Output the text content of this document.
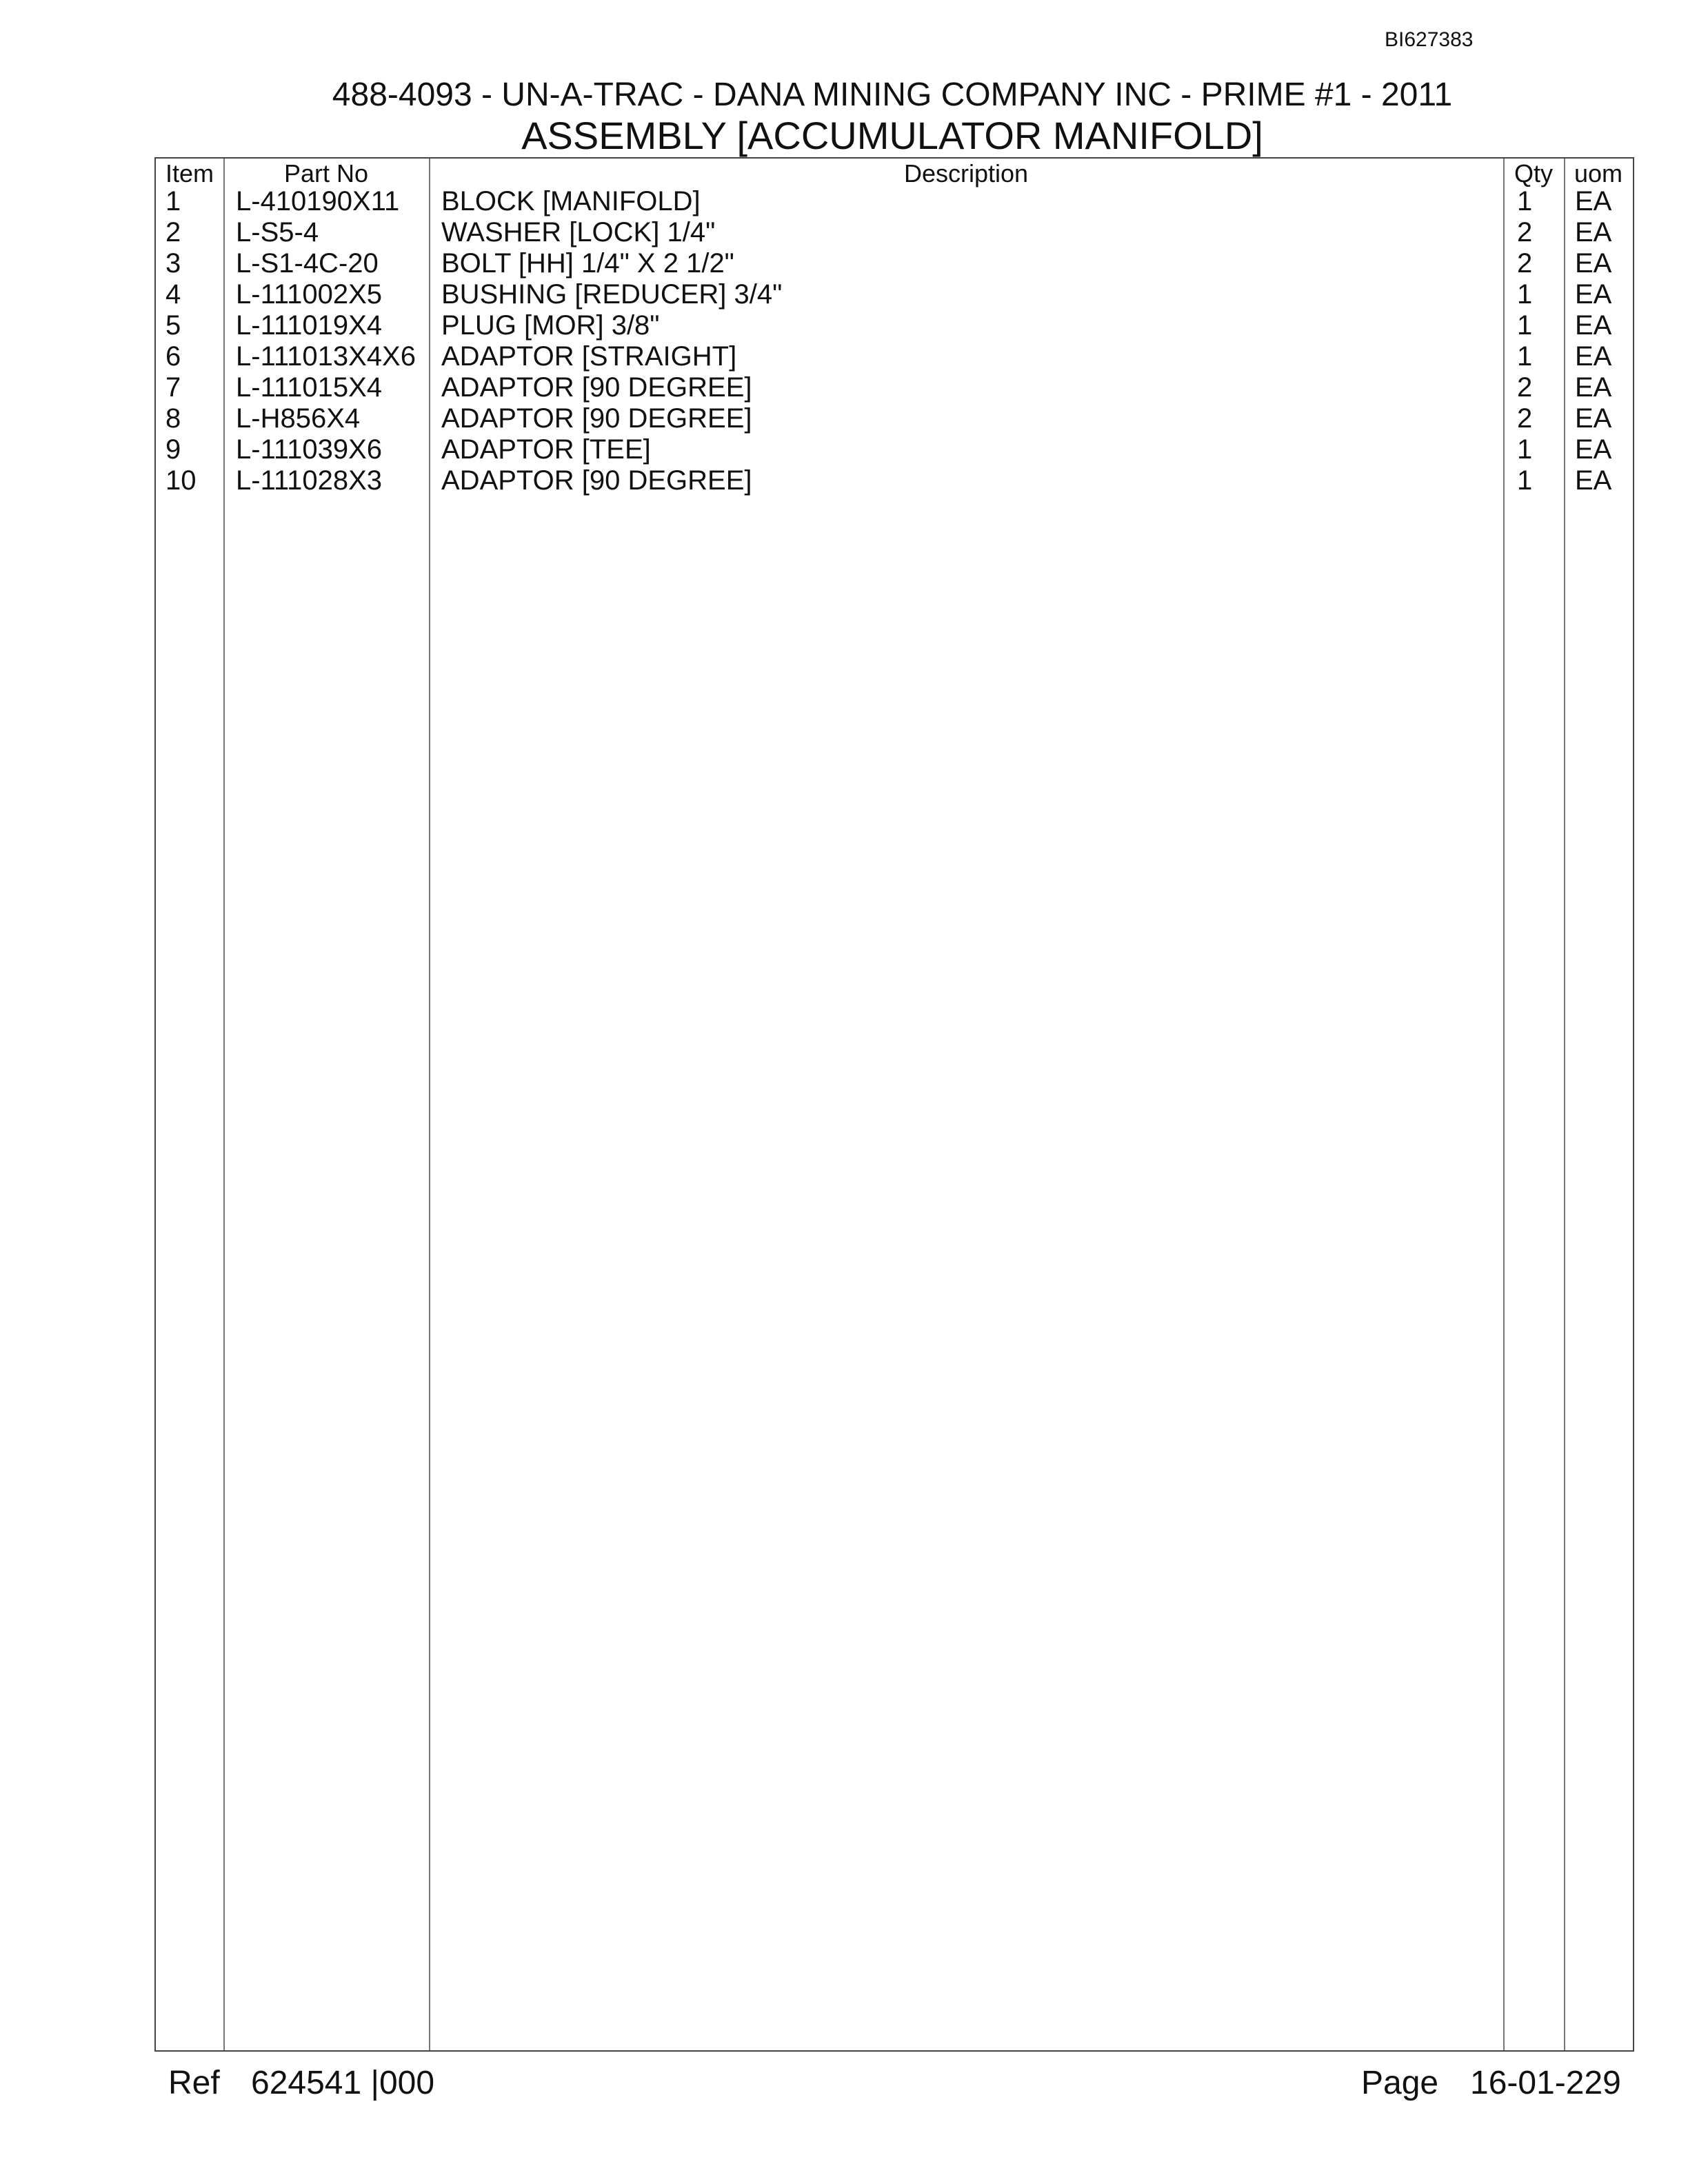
BI627383
488-4093 - UN-A-TRAC - DANA MINING COMPANY INC - PRIME #1 - 2011
ASSEMBLY [ACCUMULATOR MANIFOLD]
Item	Part No	Description	Qty uom
1 L-410190X11 BLOCK [MANIFOLD]	1 EA
2 L-S5-4	WASHER [LOCK] 1/4"	2 EA
3 L-S1-4C-20 BOLT [HH] 1/4" X 2 1/2"	2 EA
4 L-111002X5 BUSHING [REDUCER] 3/4"	1 EA
5 L-111019X4 PLUG [MOR] 3/8"	1 EA
6 L-111013X4X6 ADAPTOR [STRAIGHT]	1 EA
7 L-111015X4 ADAPTOR [90 DEGREE]	2 EA
8 L-H856X4	ADAPTOR [90 DEGREE]	2 EA
9 L-111039X6 ADAPTOR [TEE]	1 EA
10 L-111028X3 ADAPTOR [90 DEGREE]	1 EA
Ref 624541 |000	Page 16-01-229
